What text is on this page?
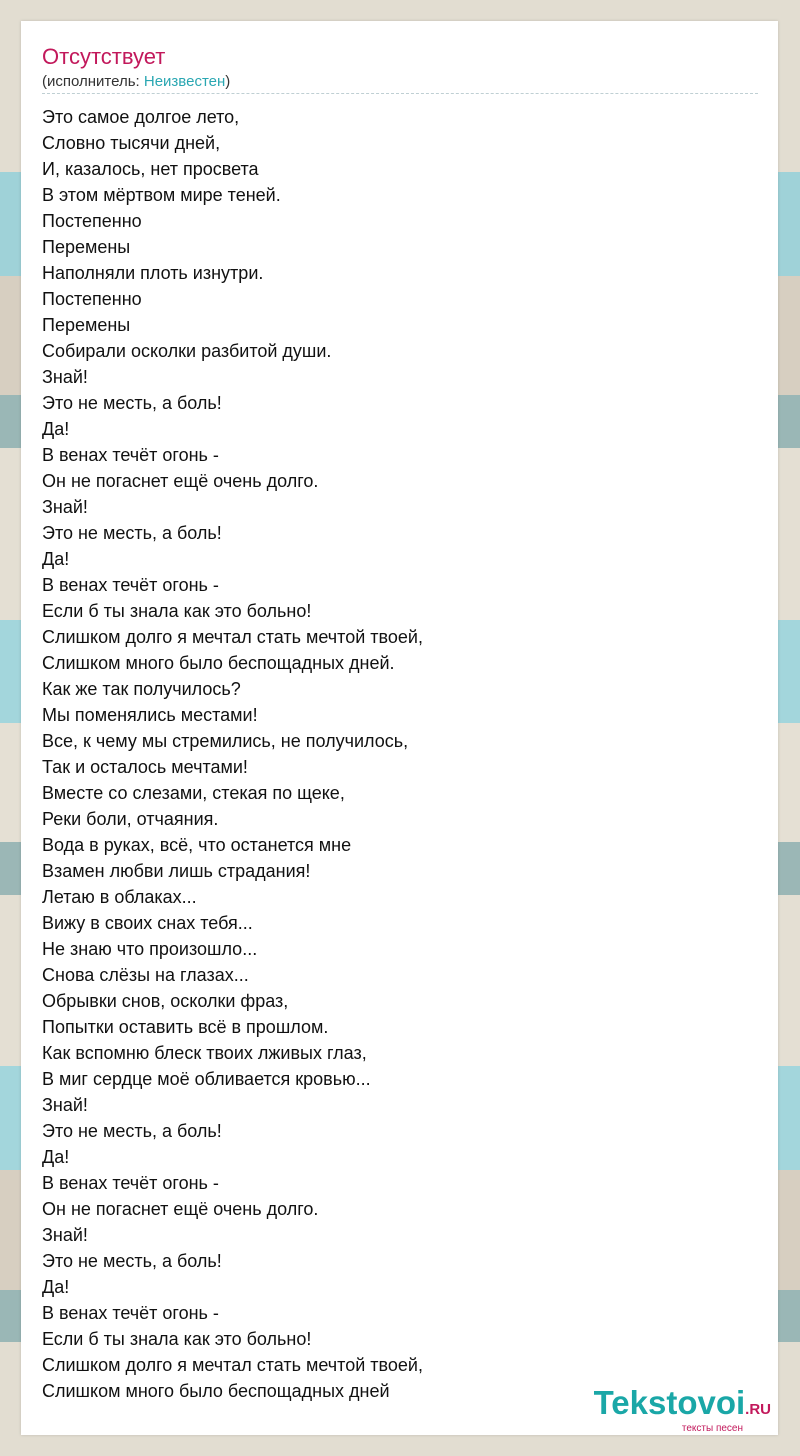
Отсутствует
(исполнитель: Неизвестен)
Это самое долгое лето,
Словно тысячи дней,
И, казалось, нет просвета
В этом мёртвом мире теней.
Постепенно
Перемены
Наполняли плоть изнутри.
Постепенно
Перемены
Собирали осколки разбитой души.
Знай!
Это не месть, а боль!
Да!
В венах течёт огонь -
Он не погаснет ещё очень долго.
Знай!
Это не месть, а боль!
Да!
В венах течёт огонь -
Если б ты знала как это больно!
Слишком долго я мечтал стать мечтой твоей,
Слишком много было беспощадных дней.
Как же так получилось?
Мы поменялись местами!
Все, к чему мы стремились, не получилось,
Так и осталось мечтами!
Вместе со слезами, стекая по щеке,
Реки боли, отчаяния.
Вода в руках, всё, что останется мне
Взамен любви лишь страдания!
Летаю в облаках...
Вижу в своих снах тебя...
Не знаю что произошло...
Снова слёзы на глазах...
Обрывки снов, осколки фраз,
Попытки оставить всё в прошлом.
Как вспомню блеск твоих лживых глаз,
В миг сердце моё обливается кровью...
Знай!
Это не месть, а боль!
Да!
В венах течёт огонь -
Он не погаснет ещё очень долго.
Знай!
Это не месть, а боль!
Да!
В венах течёт огонь -
Если б ты знала как это больно!
Слишком долго я мечтал стать мечтой твоей,
Слишком много было беспощадных дней	Tekstovoi.RU
тексты песен
